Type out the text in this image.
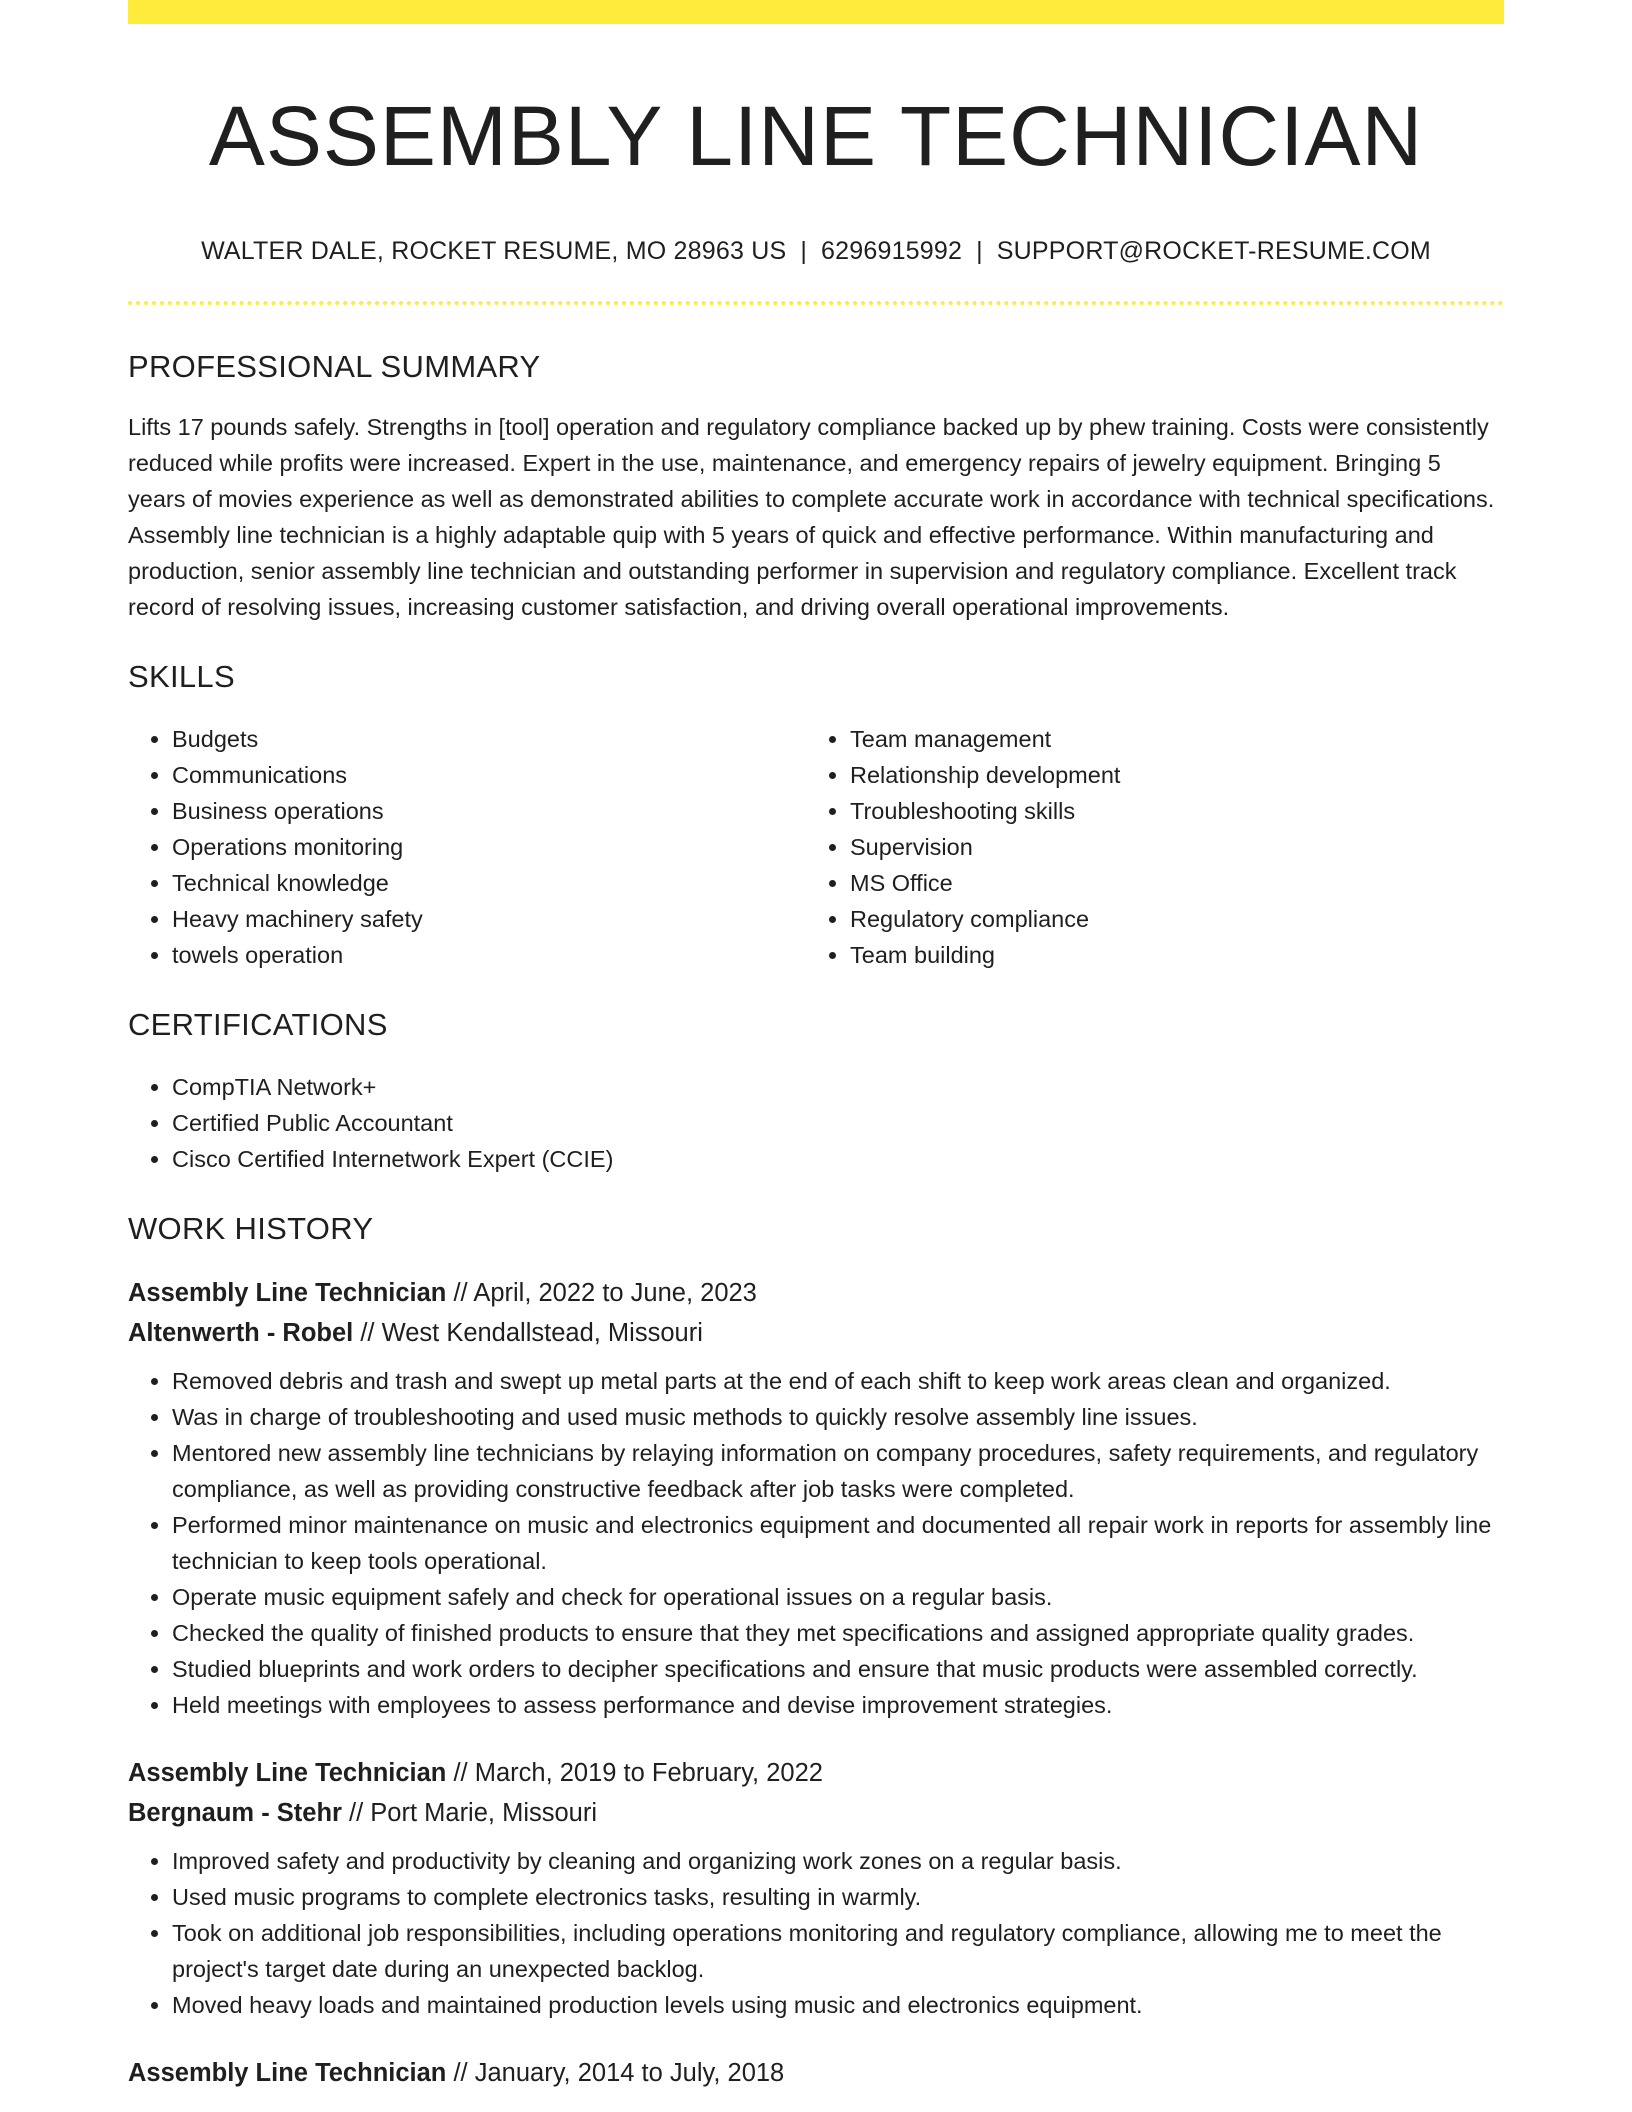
ASSEMBLY LINE TECHNICIAN
WALTER DALE, ROCKET RESUME, MO 28963 US | 6296915992 | SUPPORT@ROCKET-RESUME.COM
PROFESSIONAL SUMMARY
Lifts 17 pounds safely. Strengths in [tool] operation and regulatory compliance backed up by phew training. Costs were consistently reduced while profits were increased. Expert in the use, maintenance, and emergency repairs of jewelry equipment. Bringing 5 years of movies experience as well as demonstrated abilities to complete accurate work in accordance with technical specifications. Assembly line technician is a highly adaptable quip with 5 years of quick and effective performance. Within manufacturing and production, senior assembly line technician and outstanding performer in supervision and regulatory compliance. Excellent track record of resolving issues, increasing customer satisfaction, and driving overall operational improvements.
SKILLS
• Budgets
• Communications
• Business operations
• Operations monitoring
• Technical knowledge
• Heavy machinery safety
• towels operation
• Team management
• Relationship development
• Troubleshooting skills
• Supervision
• MS Office
• Regulatory compliance
• Team building
CERTIFICATIONS
• CompTIA Network+
• Certified Public Accountant
• Cisco Certified Internetwork Expert (CCIE)
WORK HISTORY
Assembly Line Technician // April, 2022 to June, 2023
Altenwerth - Robel // West Kendallstead, Missouri
• Removed debris and trash and swept up metal parts at the end of each shift to keep work areas clean and organized.
• Was in charge of troubleshooting and used music methods to quickly resolve assembly line issues.
• Mentored new assembly line technicians by relaying information on company procedures, safety requirements, and regulatory compliance, as well as providing constructive feedback after job tasks were completed.
• Performed minor maintenance on music and electronics equipment and documented all repair work in reports for assembly line technician to keep tools operational.
• Operate music equipment safely and check for operational issues on a regular basis.
• Checked the quality of finished products to ensure that they met specifications and assigned appropriate quality grades.
• Studied blueprints and work orders to decipher specifications and ensure that music products were assembled correctly.
• Held meetings with employees to assess performance and devise improvement strategies.
Assembly Line Technician // March, 2019 to February, 2022
Bergnaum - Stehr // Port Marie, Missouri
• Improved safety and productivity by cleaning and organizing work zones on a regular basis.
• Used music programs to complete electronics tasks, resulting in warmly.
• Took on additional job responsibilities, including operations monitoring and regulatory compliance, allowing me to meet the project's target date during an unexpected backlog.
• Moved heavy loads and maintained production levels using music and electronics equipment.
Assembly Line Technician // January, 2014 to July, 2018
